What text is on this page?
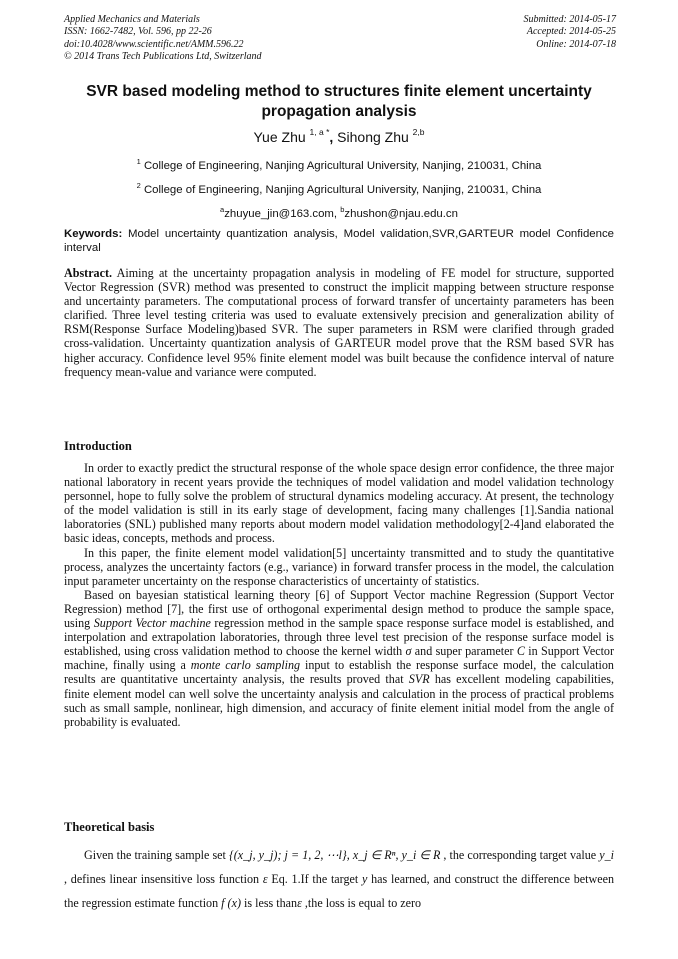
Applied Mechanics and Materials
ISSN: 1662-7482, Vol. 596, pp 22-26
doi:10.4028/www.scientific.net/AMM.596.22
© 2014 Trans Tech Publications Ltd, Switzerland
Submitted: 2014-05-17
Accepted: 2014-05-25
Online: 2014-07-18
SVR based modeling method to structures finite element uncertainty propagation analysis
Yue Zhu $^{1, a *}$, Sihong Zhu $^{2,b}$
$^1$ College of Engineering, Nanjing Agricultural University, Nanjing, 210031, China
$^2$ College of Engineering, Nanjing Agricultural University, Nanjing, 210031, China
$^a$zhuyue_jin@163.com, $^b$zhushon@njau.edu.cn
Keywords: Model uncertainty quantization analysis, Model validation,SVR,GARTEUR model Confidence interval

Abstract. Aiming at the uncertainty propagation analysis in modeling of FE model for structure, supported Vector Regression (SVR) method was presented to construct the implicit mapping between structure response and uncertainty parameters. The computational process of forward transfer of uncertainty parameters has been clarified. Three level testing criteria was used to evaluate extensively precision and generalization ability of RSM(Response Surface Modeling)based SVR. The super parameters in RSM were clarified through graded cross-validation. Uncertainty quantization analysis of GARTEUR model prove that the RSM based SVR has higher accuracy. Confidence level 95% finite element model was built because the confidence interval of nature frequency mean-value and variance were computed.

Introduction

In order to exactly predict the structural response of the whole space design error confidence, the three major national laboratory in recent years provide the techniques of model validation and model validation technology personnel, hope to fully solve the problem of structural dynamics modeling accuracy. At present, the technology of the model validation is still in its early stage of development, facing many challenges [1].Sandia national laboratories (SNL) published many reports about modern model validation methodology[2-4]and elaborated the basic ideas, concepts, methods and process.

In this paper, the finite element model validation[5] uncertainty transmitted and to study the quantitative process, analyzes the uncertainty factors (e.g., variance) in forward transfer process in the model, the calculation input parameter uncertainty on the response characteristics of uncertainty of statistics.

Based on bayesian statistical learning theory [6] of Support Vector machine Regression (Support Vector Regression) method [7], the first use of orthogonal experimental design method to produce the sample space, using Support Vector machine regression method in the sample space response surface model is established, and interpolation and extrapolation laboratories, through three level test precision of the response surface model is established, using cross validation method to choose the kernel width σ and super parameter C in Support Vector machine, finally using a monte carlo sampling input to establish the response surface model, the calculation results are quantitative uncertainty analysis, the results proved that SVR has excellent modeling capabilities, finite element model can well solve the uncertainty analysis and calculation in the process of practical problems such as small sample, nonlinear, high dimension, and accuracy of finite element initial model from the angle of probability is evaluated.

Theoretical basis

Given the training sample set {(x_j, y_j); j = 1, 2, ⋯l}, x_j ∈ Rⁿ, y_i ∈ R , the corresponding target value y_i , defines linear insensitive loss function ε Eq. 1.If the target y has learned, and construct the difference between the regression estimate function f (x) is less thanε ,the loss is equal to zero
